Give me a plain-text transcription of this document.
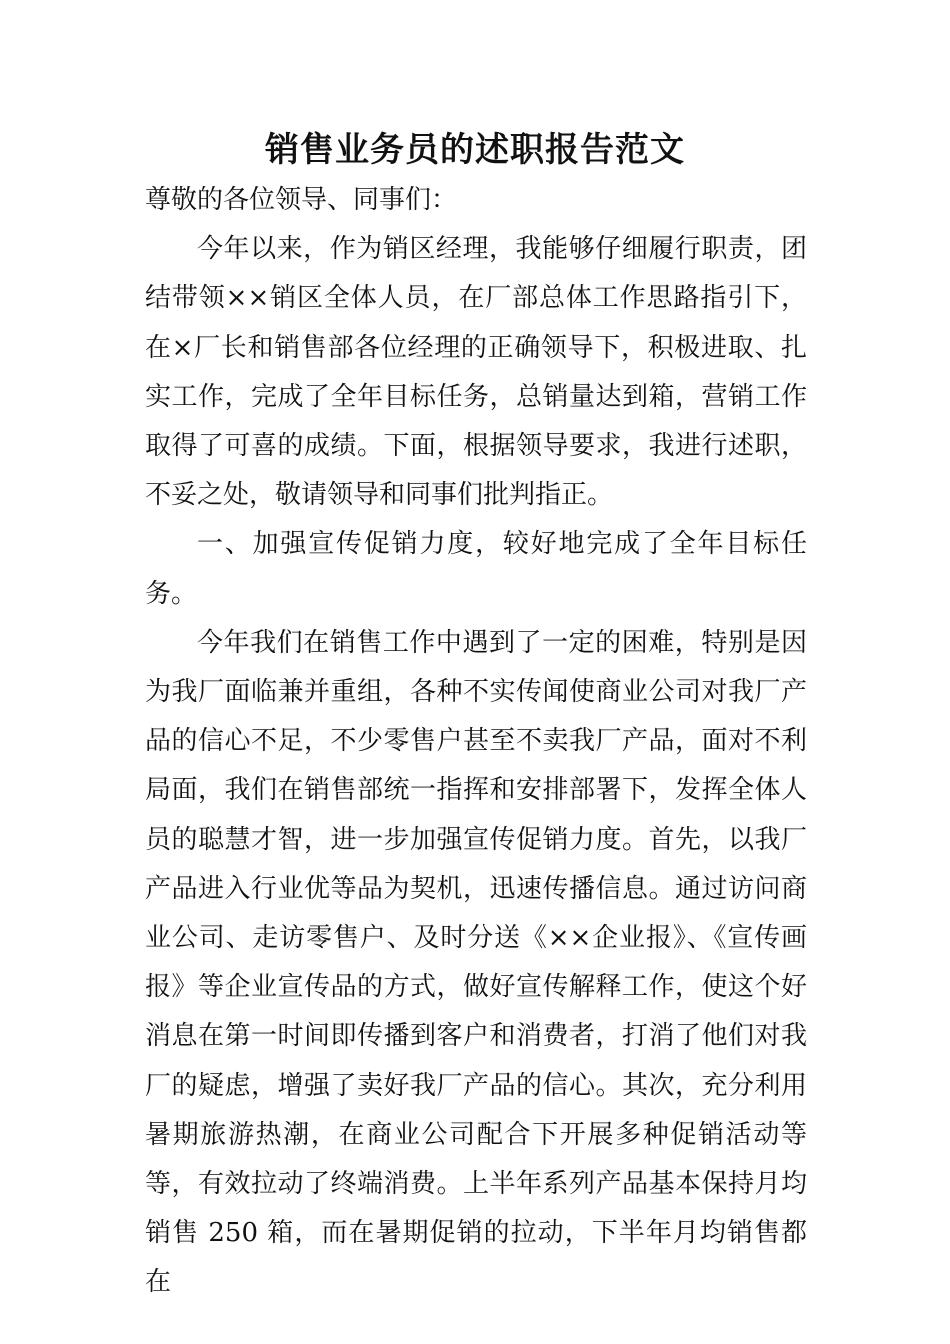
销售业务员的述职报告范文

尊敬的各位领导、同事们：

今年以来，作为销区经理，我能够仔细履行职责，团结带领××销区全体人员，在厂部总体工作思路指引下，在×厂长和销售部各位经理的正确领导下，积极进取、扎实工作，完成了全年目标任务，总销量达到箱，营销工作取得了可喜的成绩。下面，根据领导要求，我进行述职，不妥之处，敬请领导和同事们批判指正。

一、加强宣传促销力度，较好地完成了全年目标任务。

今年我们在销售工作中遇到了一定的困难，特别是因为我厂面临兼并重组，各种不实传闻使商业公司对我厂产品的信心不足，不少零售户甚至不卖我厂产品，面对不利局面，我们在销售部统一指挥和安排部署下，发挥全体人员的聪慧才智，进一步加强宣传促销力度。首先，以我厂产品进入行业优等品为契机，迅速传播信息。通过访问商业公司、走访零售户、及时分送《××企业报》、《宣传画报》等企业宣传品的方式，做好宣传解释工作，使这个好消息在第一时间即传播到客户和消费者，打消了他们对我厂的疑虑，增强了卖好我厂产品的信心。其次，充分利用暑期旅游热潮，在商业公司配合下开展多种促销活动等等，有效拉动了终端消费。上半年系列产品基本保持月均销售 250 箱，而在暑期促销的拉动，下半年月均销售都在
